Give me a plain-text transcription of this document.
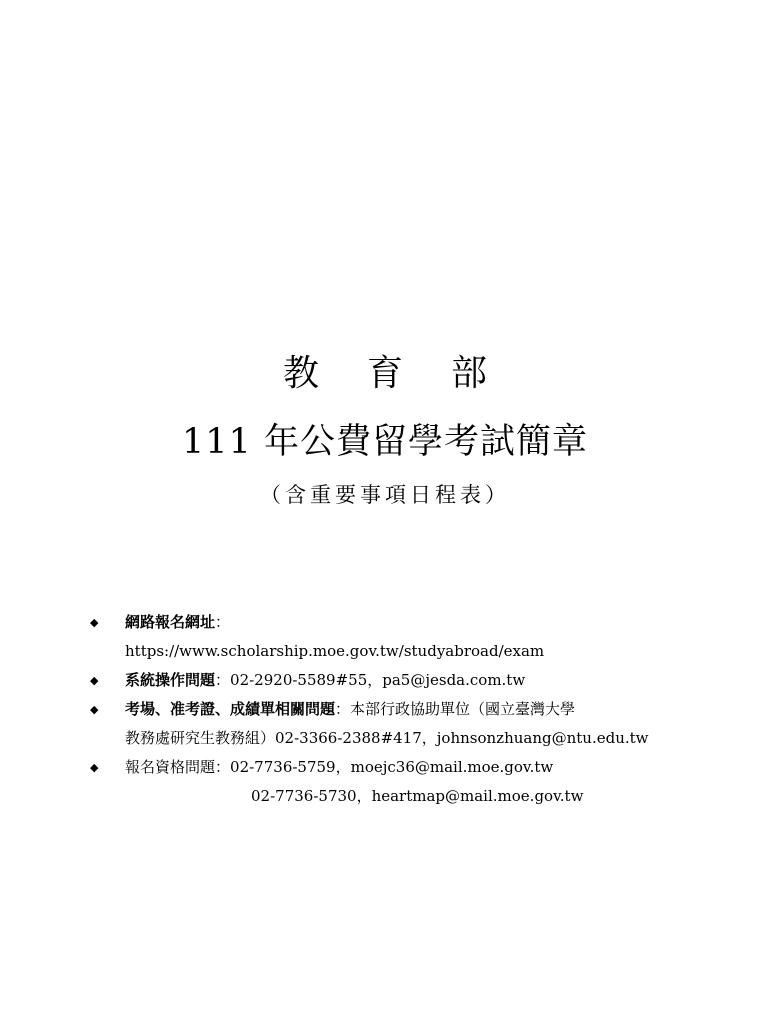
教育部
111 年公費留學考試簡章
（含重要事項日程表）
◆ 網路報名網址：
https://www.scholarship.moe.gov.tw/studyabroad/exam
◆ 系統操作問題：02-2920-5589#55，pa5@jesda.com.tw
◆ 考場、准考證、成績單相關問題：本部行政協助單位（國立臺灣大學
教務處研究生教務組）02-3366-2388#417，johnsonzhuang@ntu.edu.tw
◆ 報名資格問題：02-7736-5759，moejc36@mail.moe.gov.tw
02-7736-5730，heartmap@mail.moe.gov.tw
